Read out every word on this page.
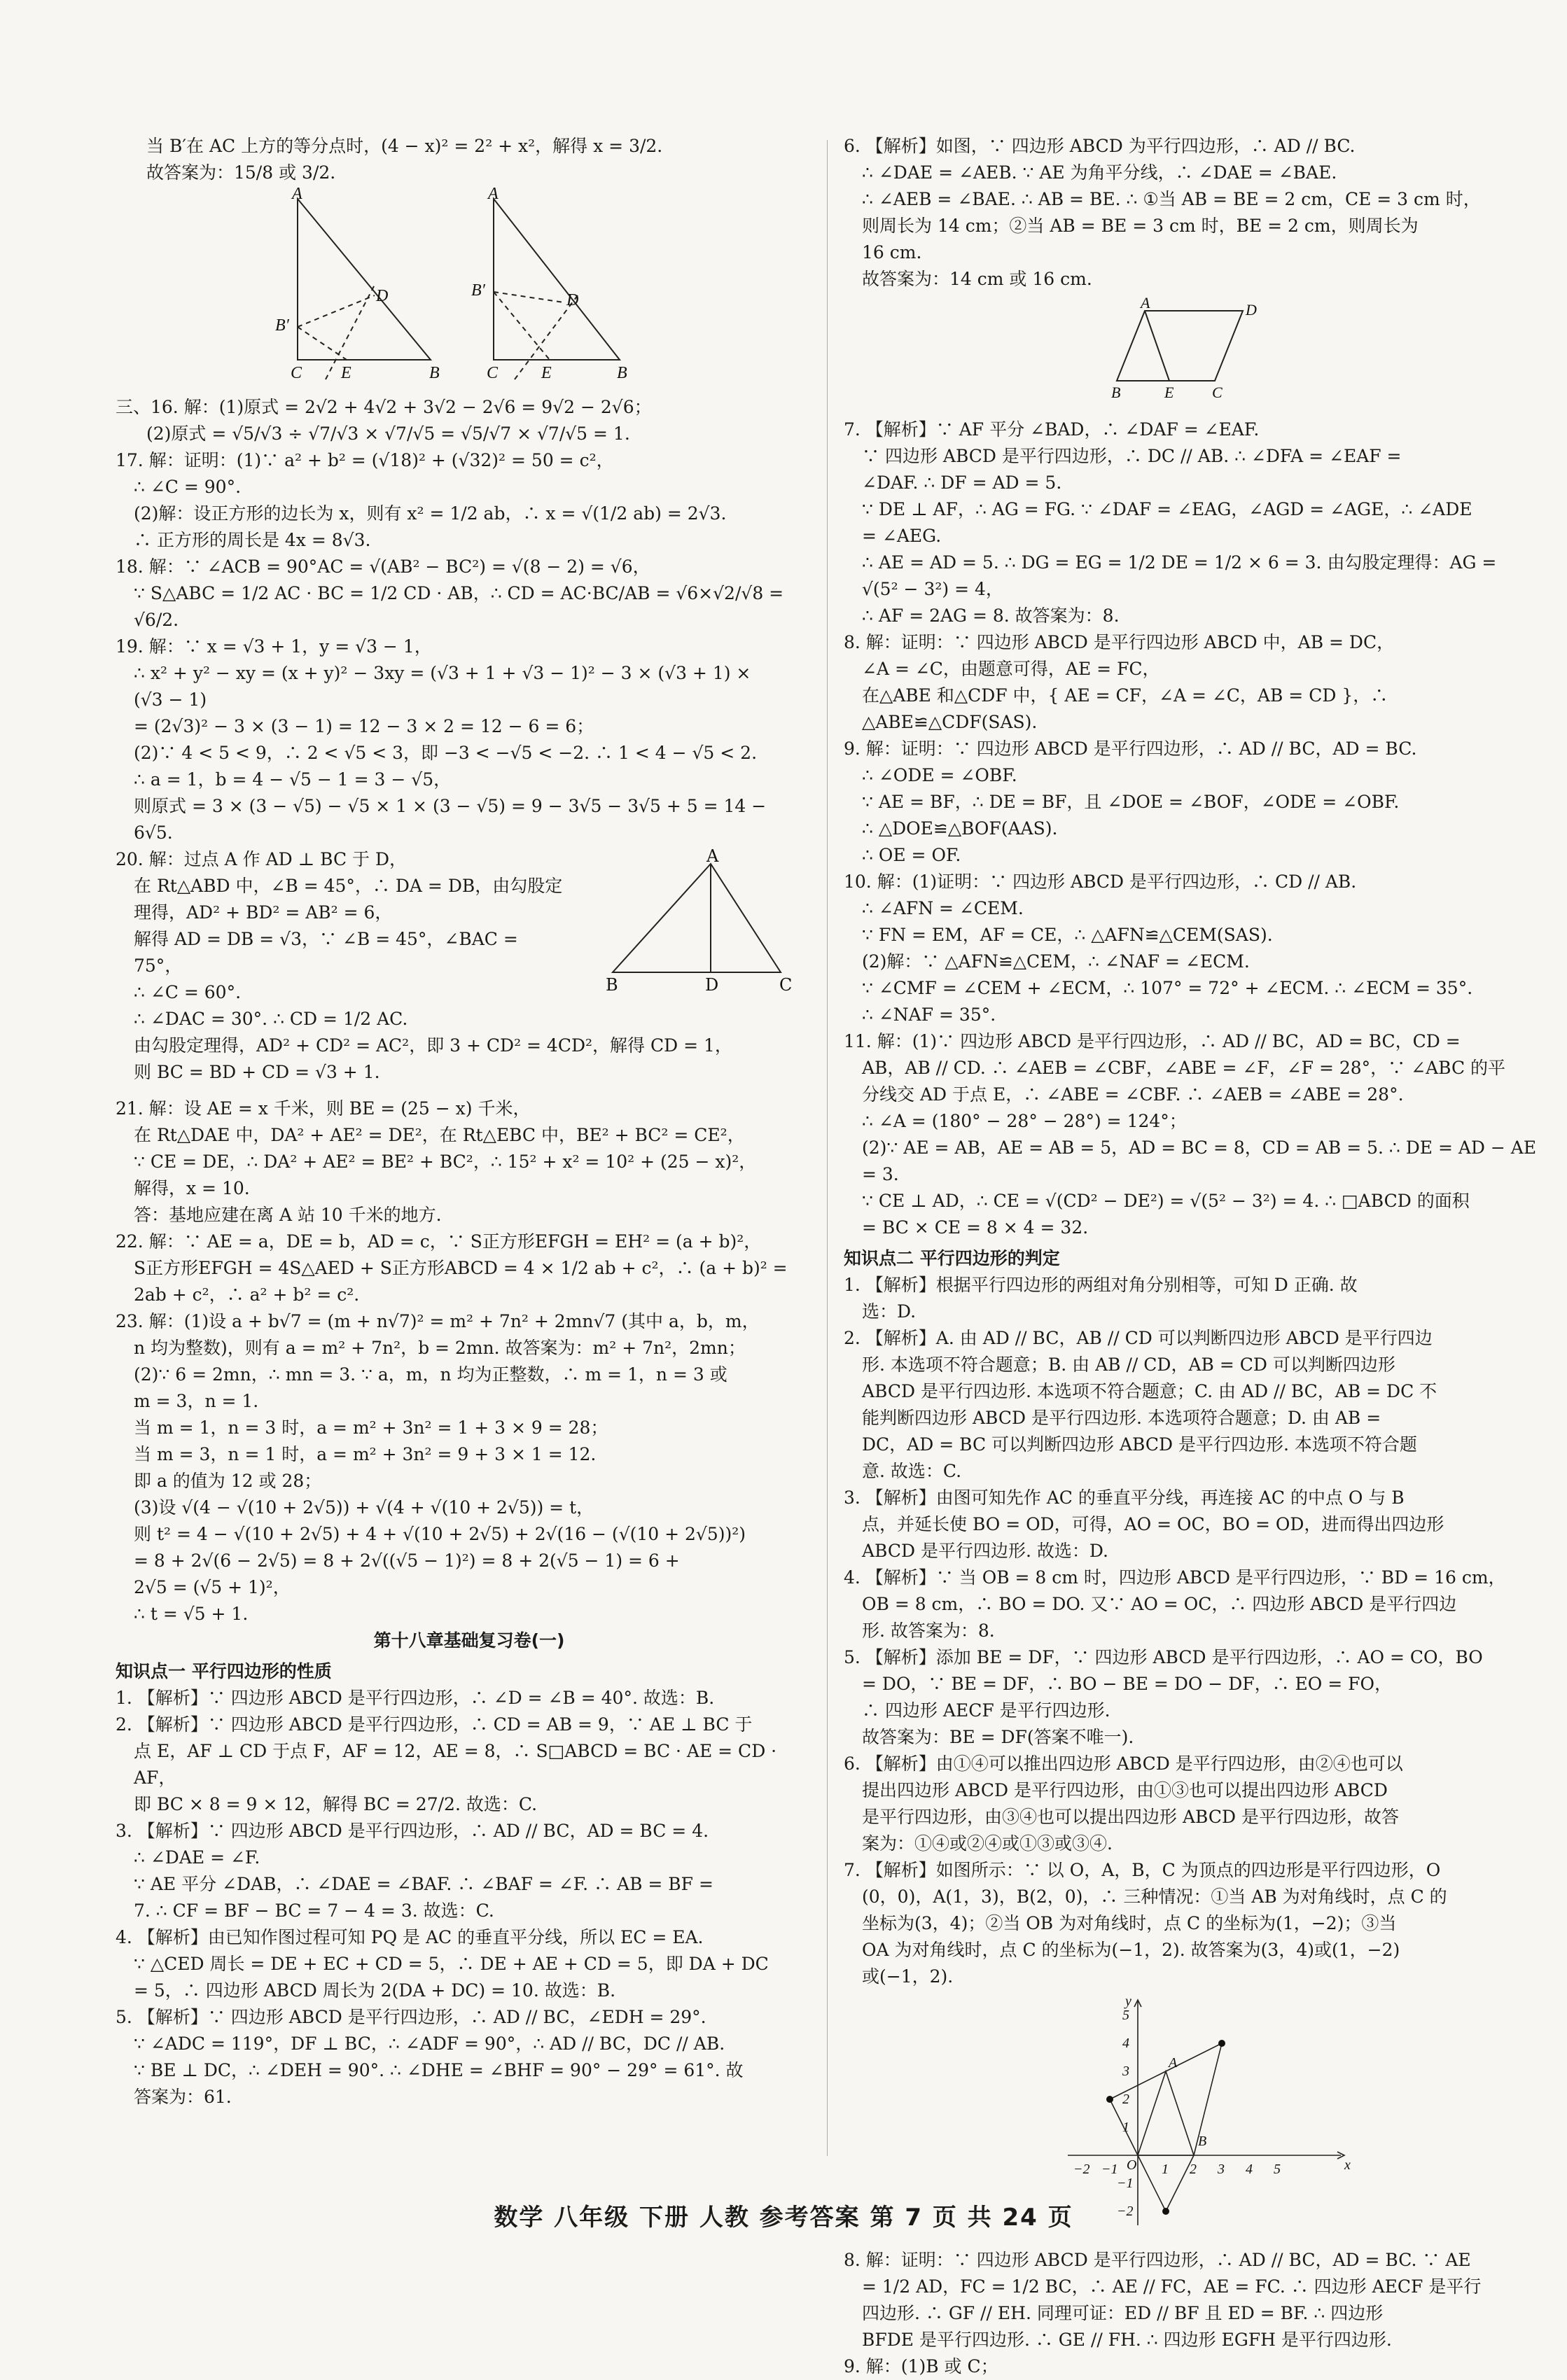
当 B′在 AC 上方的等分点时，(4 − x)² = 2² + x²，解得 x = 3/2.
故答案为：15/8 或 3/2.
A
D
B′
C E	B
A
D
B′
C	E	B
三、16. 解：(1)原式 = 2√2 + 4√2 + 3√2 − 2√6 = 9√2 − 2√6；
(2)原式 = √5/√3 ÷ √7/√3 × √7/√5 = √5/√7 × √7/√5 = 1.
17. 解：证明：(1)∵ a² + b² = (√18)² + (√32)² = 50 = c²，
∴ ∠C = 90°.
(2)解：设正方形的边长为 x，则有 x² = 1/2 ab，∴ x = √(1/2 ab) = 2√3.
∴ 正方形的周长是 4x = 8√3.
18. 解：∵ ∠ACB = 90°AC = √(AB² − BC²) = √(8 − 2) = √6，
∵ S△ABC = 1/2 AC · BC = 1/2 CD · AB，∴ CD = AC·BC/AB = √6×√2/√8 = √6/2.
19. 解：∵ x = √3 + 1，y = √3 − 1，
∴ x² + y² − xy = (x + y)² − 3xy = (√3 + 1 + √3 − 1)² − 3 × (√3 + 1) ×
(√3 − 1)
= (2√3)² − 3 × (3 − 1) = 12 − 3 × 2 = 12 − 6 = 6；
(2)∵ 4 < 5 < 9，∴ 2 < √5 < 3，即 −3 < −√5 < −2. ∴ 1 < 4 − √5 < 2.
∴ a = 1，b = 4 − √5 − 1 = 3 − √5，
则原式 = 3 × (3 − √5) − √5 × 1 × (3 − √5) = 9 − 3√5 − 3√5 + 5 = 14 −
6√5.
20. 解：过点 A 作 AD ⊥ BC 于 D，
在 Rt△ABD 中，∠B = 45°，∴ DA = DB，由勾股定
理得，AD² + BD² = AB² = 6，
解得 AD = DB = √3，∵ ∠B = 45°，∠BAC = 75°，
∴ ∠C = 60°.
∴ ∠DAC = 30°. ∴ CD = 1/2 AC.
A
B	D	C
由勾股定理得，AD² + CD² = AC²，即 3 + CD² = 4CD²，解得 CD = 1，
则 BC = BD + CD = √3 + 1.
21. 解：设 AE = x 千米，则 BE = (25 − x) 千米，
在 Rt△DAE 中，DA² + AE² = DE²，在 Rt△EBC 中，BE² + BC² = CE²，
∵ CE = DE，∴ DA² + AE² = BE² + BC²，∴ 15² + x² = 10² + (25 − x)²，
解得，x = 10.
答：基地应建在离 A 站 10 千米的地方.
22. 解：∵ AE = a，DE = b，AD = c，∵ S正方形EFGH = EH² = (a + b)²，
S正方形EFGH = 4S△AED + S正方形ABCD = 4 × 1/2 ab + c²，∴ (a + b)² =
2ab + c²，∴ a² + b² = c².
23. 解：(1)设 a + b√7 = (m + n√7)² = m² + 7n² + 2mn√7 (其中 a，b，m，
n 均为整数)，则有 a = m² + 7n²，b = 2mn. 故答案为：m² + 7n²，2mn；
(2)∵ 6 = 2mn，∴ mn = 3. ∵ a，m，n 均为正整数，∴ m = 1，n = 3 或
m = 3，n = 1.
当 m = 1，n = 3 时，a = m² + 3n² = 1 + 3 × 9 = 28；
当 m = 3，n = 1 时，a = m² + 3n² = 9 + 3 × 1 = 12.
即 a 的值为 12 或 28；
(3)设 √(4 − √(10 + 2√5)) + √(4 + √(10 + 2√5)) = t，
则 t² = 4 − √(10 + 2√5) + 4 + √(10 + 2√5) + 2√(16 − (√(10 + 2√5))²)
= 8 + 2√(6 − 2√5) = 8 + 2√((√5 − 1)²) = 8 + 2(√5 − 1) = 6 +
2√5 = (√5 + 1)²，
∴ t = √5 + 1.
第十八章基础复习卷(一)
知识点一 平行四边形的性质
1. 【解析】∵ 四边形 ABCD 是平行四边形，∴ ∠D = ∠B = 40°. 故选：B.
2. 【解析】∵ 四边形 ABCD 是平行四边形，∴ CD = AB = 9，∵ AE ⊥ BC 于
点 E，AF ⊥ CD 于点 F，AF = 12，AE = 8，∴ S□ABCD = BC · AE = CD · AF，
即 BC × 8 = 9 × 12，解得 BC = 27/2. 故选：C.
3. 【解析】∵ 四边形 ABCD 是平行四边形，∴ AD // BC，AD = BC = 4.
∴ ∠DAE = ∠F.
∵ AE 平分 ∠DAB，∴ ∠DAE = ∠BAF. ∴ ∠BAF = ∠F. ∴ AB = BF =
7. ∴ CF = BF − BC = 7 − 4 = 3. 故选：C.
4. 【解析】由已知作图过程可知 PQ 是 AC 的垂直平分线，所以 EC = EA.
∵ △CED 周长 = DE + EC + CD = 5，∴ DE + AE + CD = 5，即 DA + DC
= 5，∴ 四边形 ABCD 周长为 2(DA + DC) = 10. 故选：B.
5. 【解析】∵ 四边形 ABCD 是平行四边形，∴ AD // BC，∠EDH = 29°.
∵ ∠ADC = 119°，DF ⊥ BC，∴ ∠ADF = 90°，∴ AD // BC，DC // AB.
∵ BE ⊥ DC，∴ ∠DEH = 90°. ∴ ∠DHE = ∠BHF = 90° − 29° = 61°. 故
答案为：61.
6. 【解析】如图，∵ 四边形 ABCD 为平行四边形，∴ AD // BC.
∴ ∠DAE = ∠AEB. ∵ AE 为角平分线，∴ ∠DAE = ∠BAE.
∴ ∠AEB = ∠BAE. ∴ AB = BE. ∴ ①当 AB = BE = 2 cm，CE = 3 cm 时，
则周长为 14 cm；②当 AB = BE = 3 cm 时，BE = 2 cm，则周长为
16 cm.
故答案为：14 cm 或 16 cm.
A	D
B	E C
7. 【解析】∵ AF 平分 ∠BAD，∴ ∠DAF = ∠EAF.
∵ 四边形 ABCD 是平行四边形，∴ DC // AB. ∴ ∠DFA = ∠EAF =
∠DAF. ∴ DF = AD = 5.
∵ DE ⊥ AF，∴ AG = FG. ∵ ∠DAF = ∠EAG，∠AGD = ∠AGE，∴ ∠ADE
= ∠AEG.
∴ AE = AD = 5. ∴ DG = EG = 1/2 DE = 1/2 × 6 = 3. 由勾股定理得：AG =
√(5² − 3²) = 4，
∴ AF = 2AG = 8. 故答案为：8.
8. 解：证明：∵ 四边形 ABCD 是平行四边形 ABCD 中，AB = DC，
∠A = ∠C，由题意可得，AE = FC，
在△ABE 和△CDF 中，{ AE = CF，∠A = ∠C，AB = CD }，∴ △ABE≌△CDF(SAS).
9. 解：证明：∵ 四边形 ABCD 是平行四边形，∴ AD // BC，AD = BC.
∴ ∠ODE = ∠OBF.
∵ AE = BF，∴ DE = BF，且 ∠DOE = ∠BOF，∠ODE = ∠OBF.
∴ △DOE≌△BOF(AAS).
∴ OE = OF.
10. 解：(1)证明：∵ 四边形 ABCD 是平行四边形，∴ CD // AB.
∴ ∠AFN = ∠CEM.
∵ FN = EM，AF = CE，∴ △AFN≌△CEM(SAS).
(2)解：∵ △AFN≌△CEM，∴ ∠NAF = ∠ECM.
∵ ∠CMF = ∠CEM + ∠ECM，∴ 107° = 72° + ∠ECM. ∴ ∠ECM = 35°.
∴ ∠NAF = 35°.
11. 解：(1)∵ 四边形 ABCD 是平行四边形，∴ AD // BC，AD = BC，CD =
AB，AB // CD. ∴ ∠AEB = ∠CBF，∠ABE = ∠F，∠F = 28°，∵ ∠ABC 的平
分线交 AD 于点 E，∴ ∠ABE = ∠CBF. ∴ ∠AEB = ∠ABE = 28°.
∴ ∠A = (180° − 28° − 28°) = 124°；
(2)∵ AE = AB，AE = AB = 5，AD = BC = 8，CD = AB = 5. ∴ DE = AD − AE = 3.
∵ CE ⊥ AD，∴ CE = √(CD² − DE²) = √(5² − 3²) = 4. ∴ □ABCD 的面积
= BC × CE = 8 × 4 = 32.
知识点二 平行四边形的判定
1. 【解析】根据平行四边形的两组对角分别相等，可知 D 正确. 故
选：D.
2. 【解析】A. 由 AD // BC，AB // CD 可以判断四边形 ABCD 是平行四边
形. 本选项不符合题意；B. 由 AB // CD，AB = CD 可以判断四边形
ABCD 是平行四边形. 本选项不符合题意；C. 由 AD // BC，AB = DC 不
能判断四边形 ABCD 是平行四边形. 本选项符合题意；D. 由 AB =
DC，AD = BC 可以判断四边形 ABCD 是平行四边形. 本选项不符合题
意. 故选：C.
3. 【解析】由图可知先作 AC 的垂直平分线，再连接 AC 的中点 O 与 B
点，并延长使 BO = OD，可得，AO = OC，BO = OD，进而得出四边形
ABCD 是平行四边形. 故选：D.
4. 【解析】∵ 当 OB = 8 cm 时，四边形 ABCD 是平行四边形，∵ BD = 16 cm，
OB = 8 cm，∴ BO = DO. 又∵ AO = OC，∴ 四边形 ABCD 是平行四边
形. 故答案为：8.
5. 【解析】添加 BE = DF，∵ 四边形 ABCD 是平行四边形，∴ AO = CO，BO
= DO，∵ BE = DF，∴ BO − BE = DO − DF，∴ EO = FO，
∴ 四边形 AECF 是平行四边形.
故答案为：BE = DF(答案不唯一).
6. 【解析】由①④可以推出四边形 ABCD 是平行四边形，由②④也可以
提出四边形 ABCD 是平行四边形，由①③也可以提出四边形 ABCD
是平行四边形，由③④也可以提出四边形 ABCD 是平行四边形，故答
案为：①④或②④或①③或③④.
7. 【解析】如图所示：∵ 以 O，A，B，C 为顶点的四边形是平行四边形，O
(0，0)，A(1，3)，B(2，0)，∴ 三种情况：①当 AB 为对角线时，点 C 的
坐标为(3，4)；②当 OB 为对角线时，点 C 的坐标为(1，−2)；③当
OA 为对角线时，点 C 的坐标为(−1，2). 故答案为(3，4)或(1，−2)
或(−1，2).
x
y
O
A
B
−2 −1	1 2 3 4 5
5
4
3
2
1
−1
−2
8. 解：证明：∵ 四边形 ABCD 是平行四边形，∴ AD // BC，AD = BC. ∵ AE
= 1/2 AD，FC = 1/2 BC，∴ AE // FC，AE = FC. ∴ 四边形 AECF 是平行
四边形. ∴ GF // EH. 同理可证：ED // BF 且 ED = BF. ∴ 四边形
BFDE 是平行四边形. ∴ GE // FH. ∴ 四边形 EGFH 是平行四边形.
9. 解：(1)B 或 C；
数学 八年级 下册 人教 参考答案 第 7 页 共 24 页
